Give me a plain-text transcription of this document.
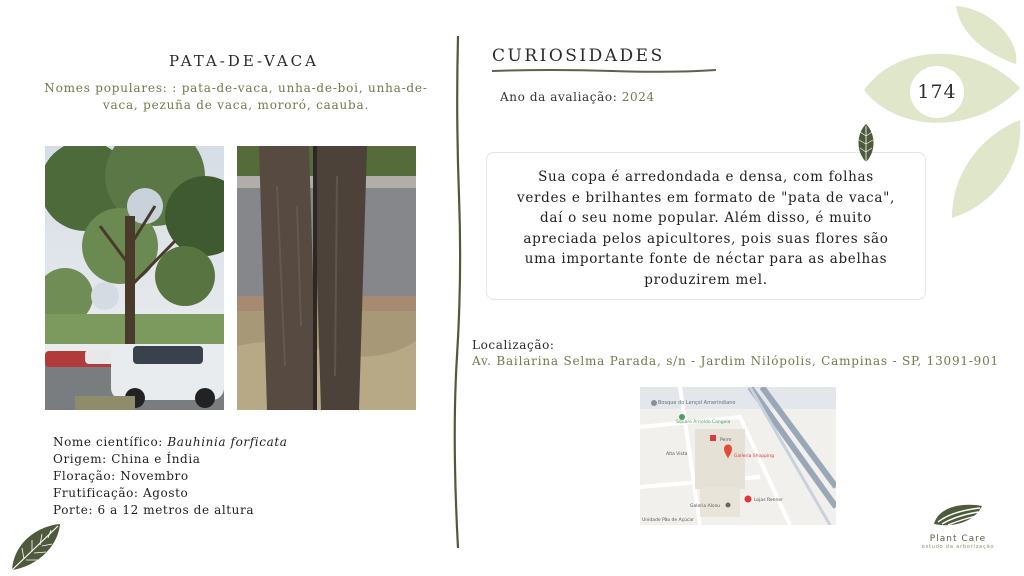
PATA-DE-VACA
Nomes populares: : pata-de-vaca, unha-de-boi, unha-de-vaca, pezuña de vaca, mororó, caauba.
Nome científico: Bauhinia forficata
Origem: China e Índia
Floração: Novembro
Frutificação: Agosto
Porte: 6 a 12 metros de altura
CURIOSIDADES
Ano da avaliação: 2024
Sua copa é arredondada e densa, com folhas verdes e brilhantes em formato de "pata de vaca", daí o seu nome popular. Além disso, é muito apreciada pelos apicultores, pois suas flores são uma importante fonte de néctar para as abelhas produzirem mel.
Localização:
Av. Bailarina Selma Parada, s/n - Jardim Nilópolis, Campinas - SP, 13091-901
Bosque do Lençol Amerindiano
Square Arnoldo Cangeia
Perm
Galleria Shopping
Alta Vista
Lojas Renner
Galeria Alceu
Unidade Pão de Açúcar
174
Plant Care
estudo da arborização
